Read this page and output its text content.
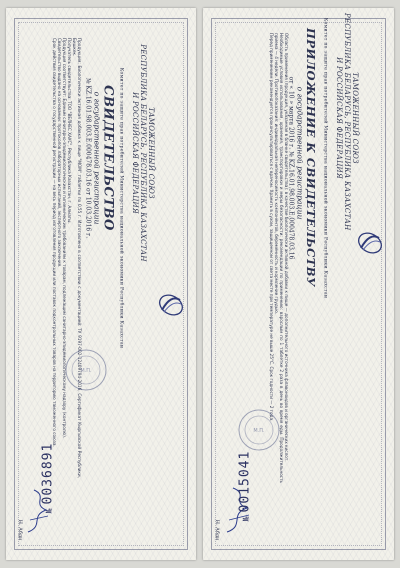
ТАМОЖЕННЫЙ СОЮЗ
РЕСПУБЛИКА БЕЛАРУСЬ, РЕСПУБЛИКА КАЗАХСТАН
И РОССИЙСКАЯ ФЕДЕРАЦИЯ
Комитет по защите прав потребителей Министерства национальной экономики Республики Казахстан
СВИДЕТЕЛЬСТВО
о государственной регистрации
№ KZ.16.01.98.003.E.000478.03.16 от 10.03.2016 г.
Продукция: Биологически активная добавка к пище "МОМ" таблетки по 0,55 г. Изготовлена в соответствии с документацией: ТУ 9197-002-12409794-2016, Сертификат Кыргызской Республики, Бишкек.
Получатель свидетельства: ТОО "ВЕЛНЕС ХАУС", Республика Казахстан, г. Алматы.
Продукция соответствует: Единым санитарно-эпидемиологическим и гигиеническим требованиям к товарам, подлежащим санитарно-эпидемиологическому надзору (контролю).
Свидетельство выдано на основании: протоколов лабораторных испытаний, экспертного заключения.
Срок действия свидетельства о государственной регистрации — на весь период изготовления продукции или поставок подконтрольных товаров на территорию таможенного союза.	М.П.
Н. Абди
№0036891
ТАМОЖЕННЫЙ СОЮЗ
РЕСПУБЛИКА БЕЛАРУСЬ, РЕСПУБЛИКА КАЗАХСТАН
И РОССИЙСКАЯ ФЕДЕРАЦИЯ
Комитет по защите прав потребителей Министерства национальной экономики Республики Казахстан
ПРИЛОЖЕНИЕ К СВИДЕТЕЛЬСТВУ
о государственной регистрации
от « 10 » марта 2016 г. № KZ.16.01.98.003.E.000478.03.16
Область применения (продукция, указанная в бланке свидетельства): в качестве биологически активной добавки к пище — дополнительного источника флавоноидов и органических кислот.
Необходимые условия использования, хранения, транспортировки и меры безопасности: рекомендации по применению: взрослым по 1 таблетке 2 раза в день во время еды. Продолжительность приема — 4 недели. Противопоказания: индивидуальная непереносимость компонентов, беременность и кормление грудью.
Перед применением рекомендуется проконсультироваться с врачом. Хранить в сухом, защищенном от света месте при температуре не выше 25°С. Срок годности — 2 года.
М.П.
Н. Абди
№0015041
